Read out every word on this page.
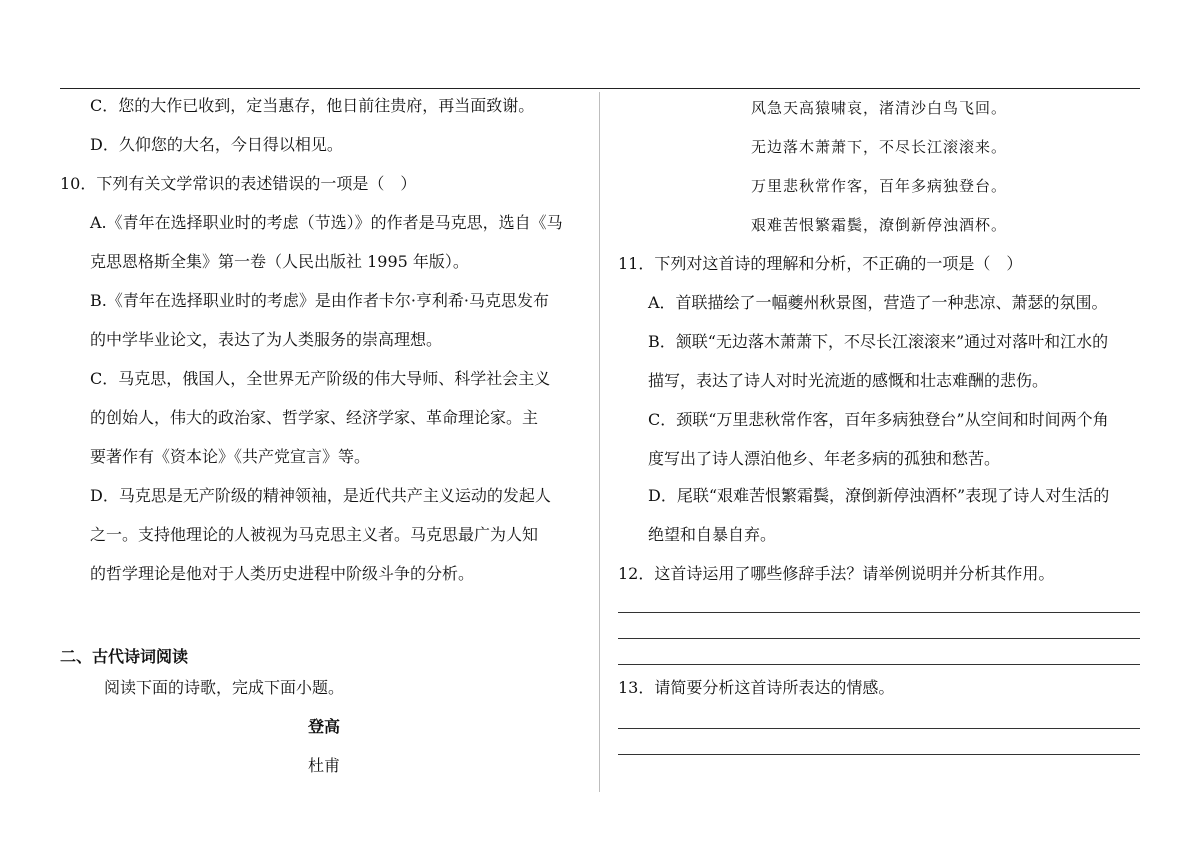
C．您的大作已收到，定当惠存，他日前往贵府，再当面致谢。
D．久仰您的大名，今日得以相见。
10．下列有关文学常识的表述错误的一项是（　）
A.《青年在选择职业时的考虑（节选）》的作者是马克思，选自《马
克思恩格斯全集》第一卷（人民出版社 1995 年版）。
B.《青年在选择职业时的考虑》是由作者卡尔·亨利希·马克思发布
的中学毕业论文，表达了为人类服务的崇高理想。
C．马克思，俄国人，全世界无产阶级的伟大导师、科学社会主义
的创始人，伟大的政治家、哲学家、经济学家、革命理论家。主
要著作有《资本论》《共产党宣言》等。
D．马克思是无产阶级的精神领袖，是近代共产主义运动的发起人
之一。支持他理论的人被视为马克思主义者。马克思最广为人知
的哲学理论是他对于人类历史进程中阶级斗争的分析。
二、古代诗词阅读
阅读下面的诗歌，完成下面小题。
登高
杜甫
风急天高猿啸哀，渚清沙白鸟飞回。
无边落木萧萧下，不尽长江滚滚来。
万里悲秋常作客，百年多病独登台。
艰难苦恨繁霜鬓，潦倒新停浊酒杯。
11．下列对这首诗的理解和分析，不正确的一项是（　）
A．首联描绘了一幅夔州秋景图，营造了一种悲凉、萧瑟的氛围。
B．颔联“无边落木萧萧下，不尽长江滚滚来”通过对落叶和江水的
描写，表达了诗人对时光流逝的感慨和壮志难酬的悲伤。
C．颈联“万里悲秋常作客，百年多病独登台”从空间和时间两个角
度写出了诗人漂泊他乡、年老多病的孤独和愁苦。
D．尾联“艰难苦恨繁霜鬓，潦倒新停浊酒杯”表现了诗人对生活的
绝望和自暴自弃。
12．这首诗运用了哪些修辞手法？请举例说明并分析其作用。
13．请简要分析这首诗所表达的情感。
